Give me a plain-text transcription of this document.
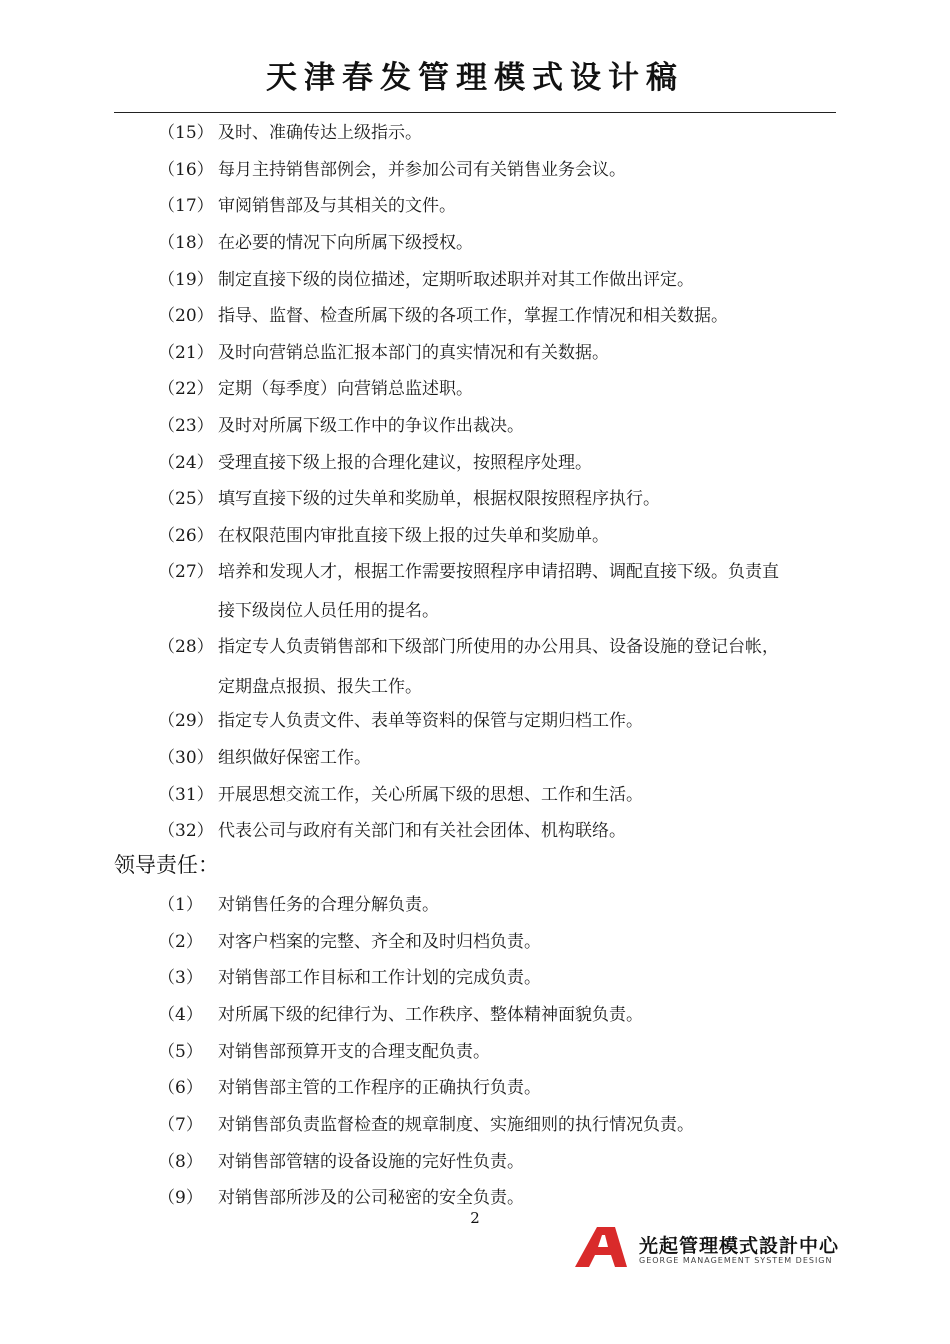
天津春发管理模式设计稿
（15） 及时、准确传达上级指示。
（16） 每月主持销售部例会，并参加公司有关销售业务会议。
（17） 审阅销售部及与其相关的文件。
（18） 在必要的情况下向所属下级授权。
（19） 制定直接下级的岗位描述，定期听取述职并对其工作做出评定。
（20） 指导、监督、检查所属下级的各项工作，掌握工作情况和相关数据。
（21） 及时向营销总监汇报本部门的真实情况和有关数据。
（22） 定期（每季度）向营销总监述职。
（23） 及时对所属下级工作中的争议作出裁决。
（24） 受理直接下级上报的合理化建议，按照程序处理。
（25） 填写直接下级的过失单和奖励单，根据权限按照程序执行。
（26） 在权限范围内审批直接下级上报的过失单和奖励单。
（27） 培养和发现人才，根据工作需要按照程序申请招聘、调配直接下级。负责直
接下级岗位人员任用的提名。
（28） 指定专人负责销售部和下级部门所使用的办公用具、设备设施的登记台帐，
定期盘点报损、报失工作。
（29） 指定专人负责文件、表单等资料的保管与定期归档工作。
（30） 组织做好保密工作。
（31） 开展思想交流工作，关心所属下级的思想、工作和生活。
（32） 代表公司与政府有关部门和有关社会团体、机构联络。
领导责任：
（1） 对销售任务的合理分解负责。
（2） 对客户档案的完整、齐全和及时归档负责。
（3） 对销售部工作目标和工作计划的完成负责。
（4） 对所属下级的纪律行为、工作秩序、整体精神面貌负责。
（5） 对销售部预算开支的合理支配负责。
（6） 对销售部主管的工作程序的正确执行负责。
（7） 对销售部负责监督检查的规章制度、实施细则的执行情况负责。
（8） 对销售部管辖的设备设施的完好性负责。
（9） 对销售部所涉及的公司秘密的安全负责。
2
光起管理模式設計中心
GEORGE MANAGEMENT SYSTEM DESIGN
